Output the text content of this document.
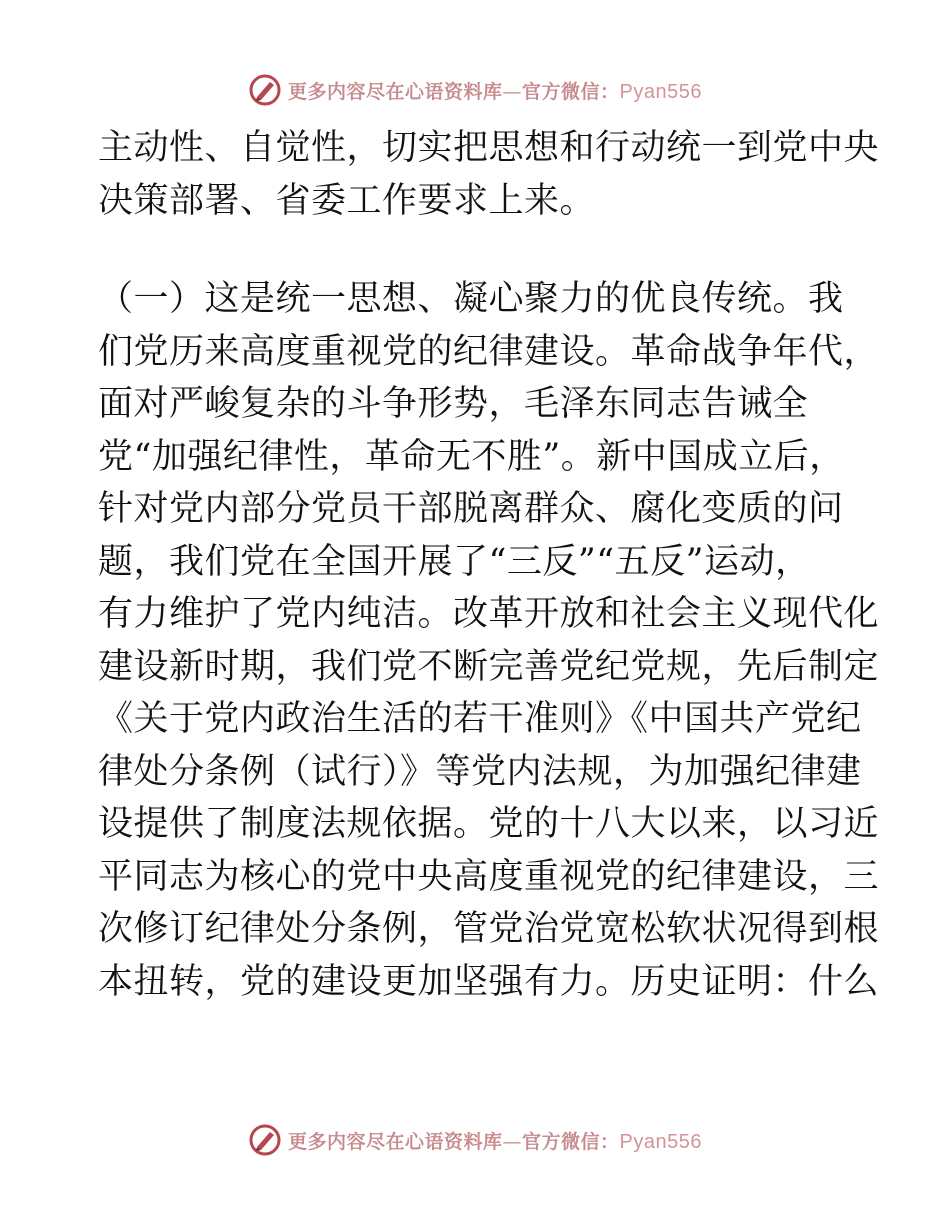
更多内容尽在心语资料库—官方微信：Pyan556
主动性、自觉性，切实把思想和行动统一到党中央
决策部署、省委工作要求上来。
（一）这是统一思想、凝心聚力的优良传统。我
们党历来高度重视党的纪律建设。革命战争年代，
面对严峻复杂的斗争形势，毛泽东同志告诫全
党“加强纪律性，革命无不胜”。新中国成立后，
针对党内部分党员干部脱离群众、腐化变质的问
题，我们党在全国开展了“三反”“五反”运动，
有力维护了党内纯洁。改革开放和社会主义现代化
建设新时期，我们党不断完善党纪党规，先后制定
《关于党内政治生活的若干准则》《中国共产党纪
律处分条例（试行）》等党内法规，为加强纪律建
设提供了制度法规依据。党的十八大以来，以习近
平同志为核心的党中央高度重视党的纪律建设，三
次修订纪律处分条例，管党治党宽松软状况得到根
本扭转，党的建设更加坚强有力。历史证明：什么
更多内容尽在心语资料库—官方微信：Pyan556
